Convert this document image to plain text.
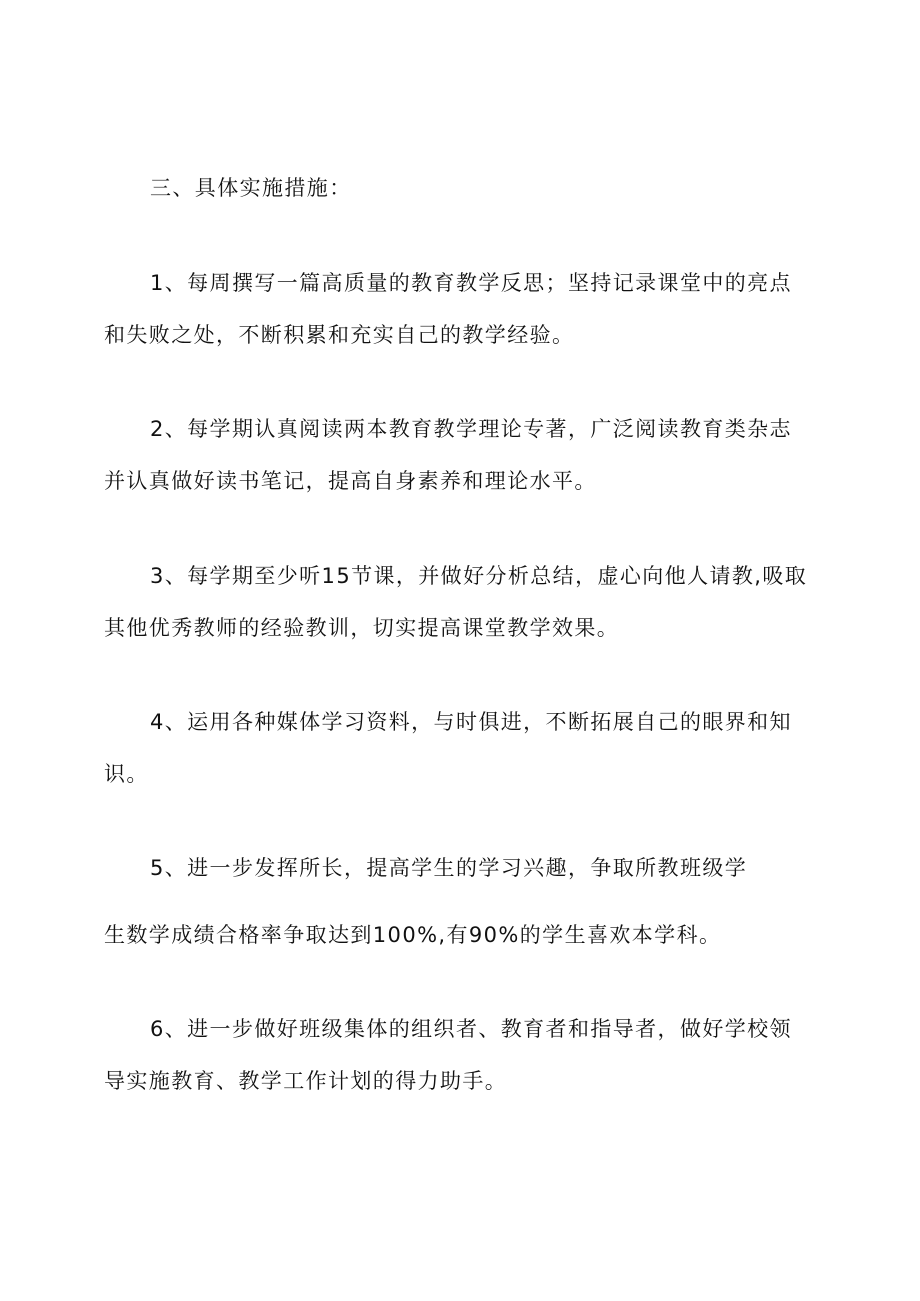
三、具体实施措施：
1、每周撰写一篇高质量的教育教学反思；坚持记录课堂中的亮点
和失败之处，不断积累和充实自己的教学经验。
2、每学期认真阅读两本教育教学理论专著，广泛阅读教育类杂志
并认真做好读书笔记，提高自身素养和理论水平。
3、每学期至少听15节课，并做好分析总结，虚心向他人请教,吸取
其他优秀教师的经验教训，切实提高课堂教学效果。
4、运用各种媒体学习资料，与时俱进，不断拓展自己的眼界和知
识。
5、进一步发挥所长，提高学生的学习兴趣，争取所教班级学
生数学成绩合格率争取达到100%,有90%的学生喜欢本学科。
6、进一步做好班级集体的组织者、教育者和指导者，做好学校领
导实施教育、教学工作计划的得力助手。
